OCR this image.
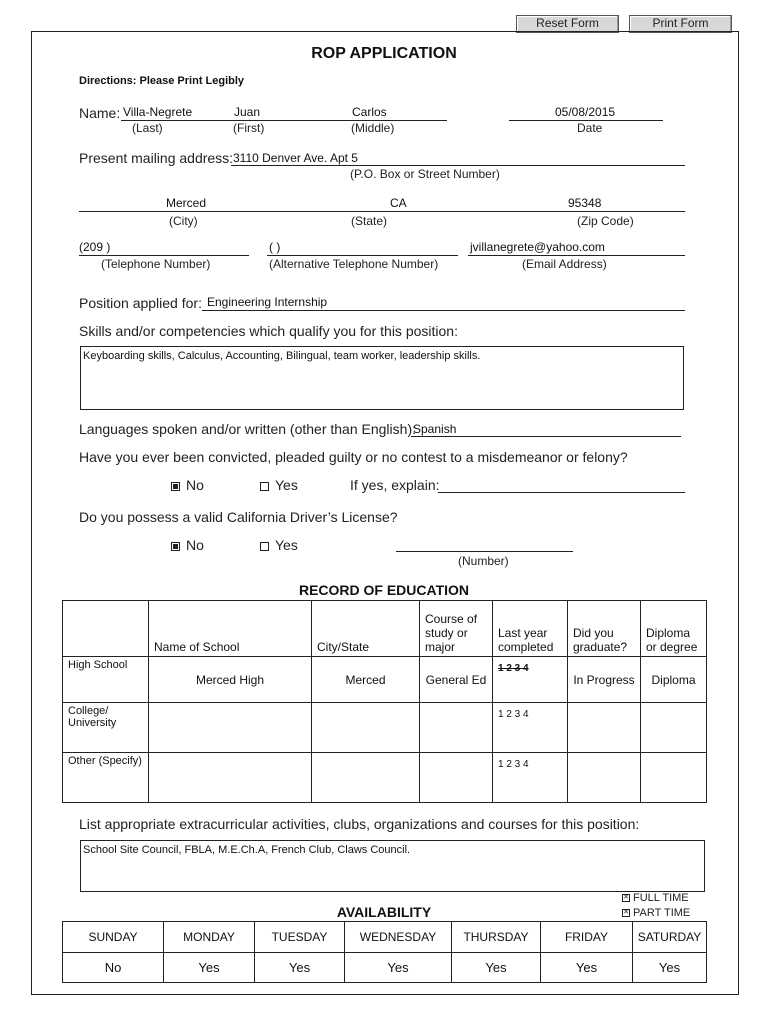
Reset Form	Print Form
ROP APPLICATION
Directions: Please Print Legibly
Name: Villa-Negrete	Juan	Carlos	05/08/2015
(Last)	(First)	(Middle)	Date
Present mailing address: 3110 Denver Ave. Apt 5
(P.O. Box or Street Number)
Merced	CA	95348
(City)	(State)	(Zip Code)
(209 )	( )	jvillanegrete@yahoo.com
(Telephone Number)	(Alternative Telephone Number)	(Email Address)
Position applied for: Engineering Internship
Skills and/or competencies which qualify you for this position:
Keyboarding skills, Calculus, Accounting, Bilingual, team worker, leadership skills.
Languages spoken and/or written (other than English):
Spanish
Have you ever been convicted, pleaded guilty or no contest to a misdemeanor or felony?
No	Yes	If yes, explain:
Do you possess a valid California Driver’s License?
No	Yes
(Number)
RECORD OF EDUCATION
	Name of School	City/State	Course of study or major	Last year completed	Did you graduate?	Diploma or degree
High School	Merced High	Merced	General Ed	1 2 3 4	In Progress	Diploma
College/ University				1 2 3 4		
Other (Specify)				1 2 3 4		
List appropriate extracurricular activities, clubs, organizations and courses for this position:
School Site Council, FBLA, M.E.Ch.A, French Club, Claws Council.
AVAILABILITY
✕ FULL TIME
✕ PART TIME
SUNDAY	MONDAY	TUESDAY	WEDNESDAY	THURSDAY	FRIDAY	SATURDAY
No	Yes	Yes	Yes	Yes	Yes	Yes
